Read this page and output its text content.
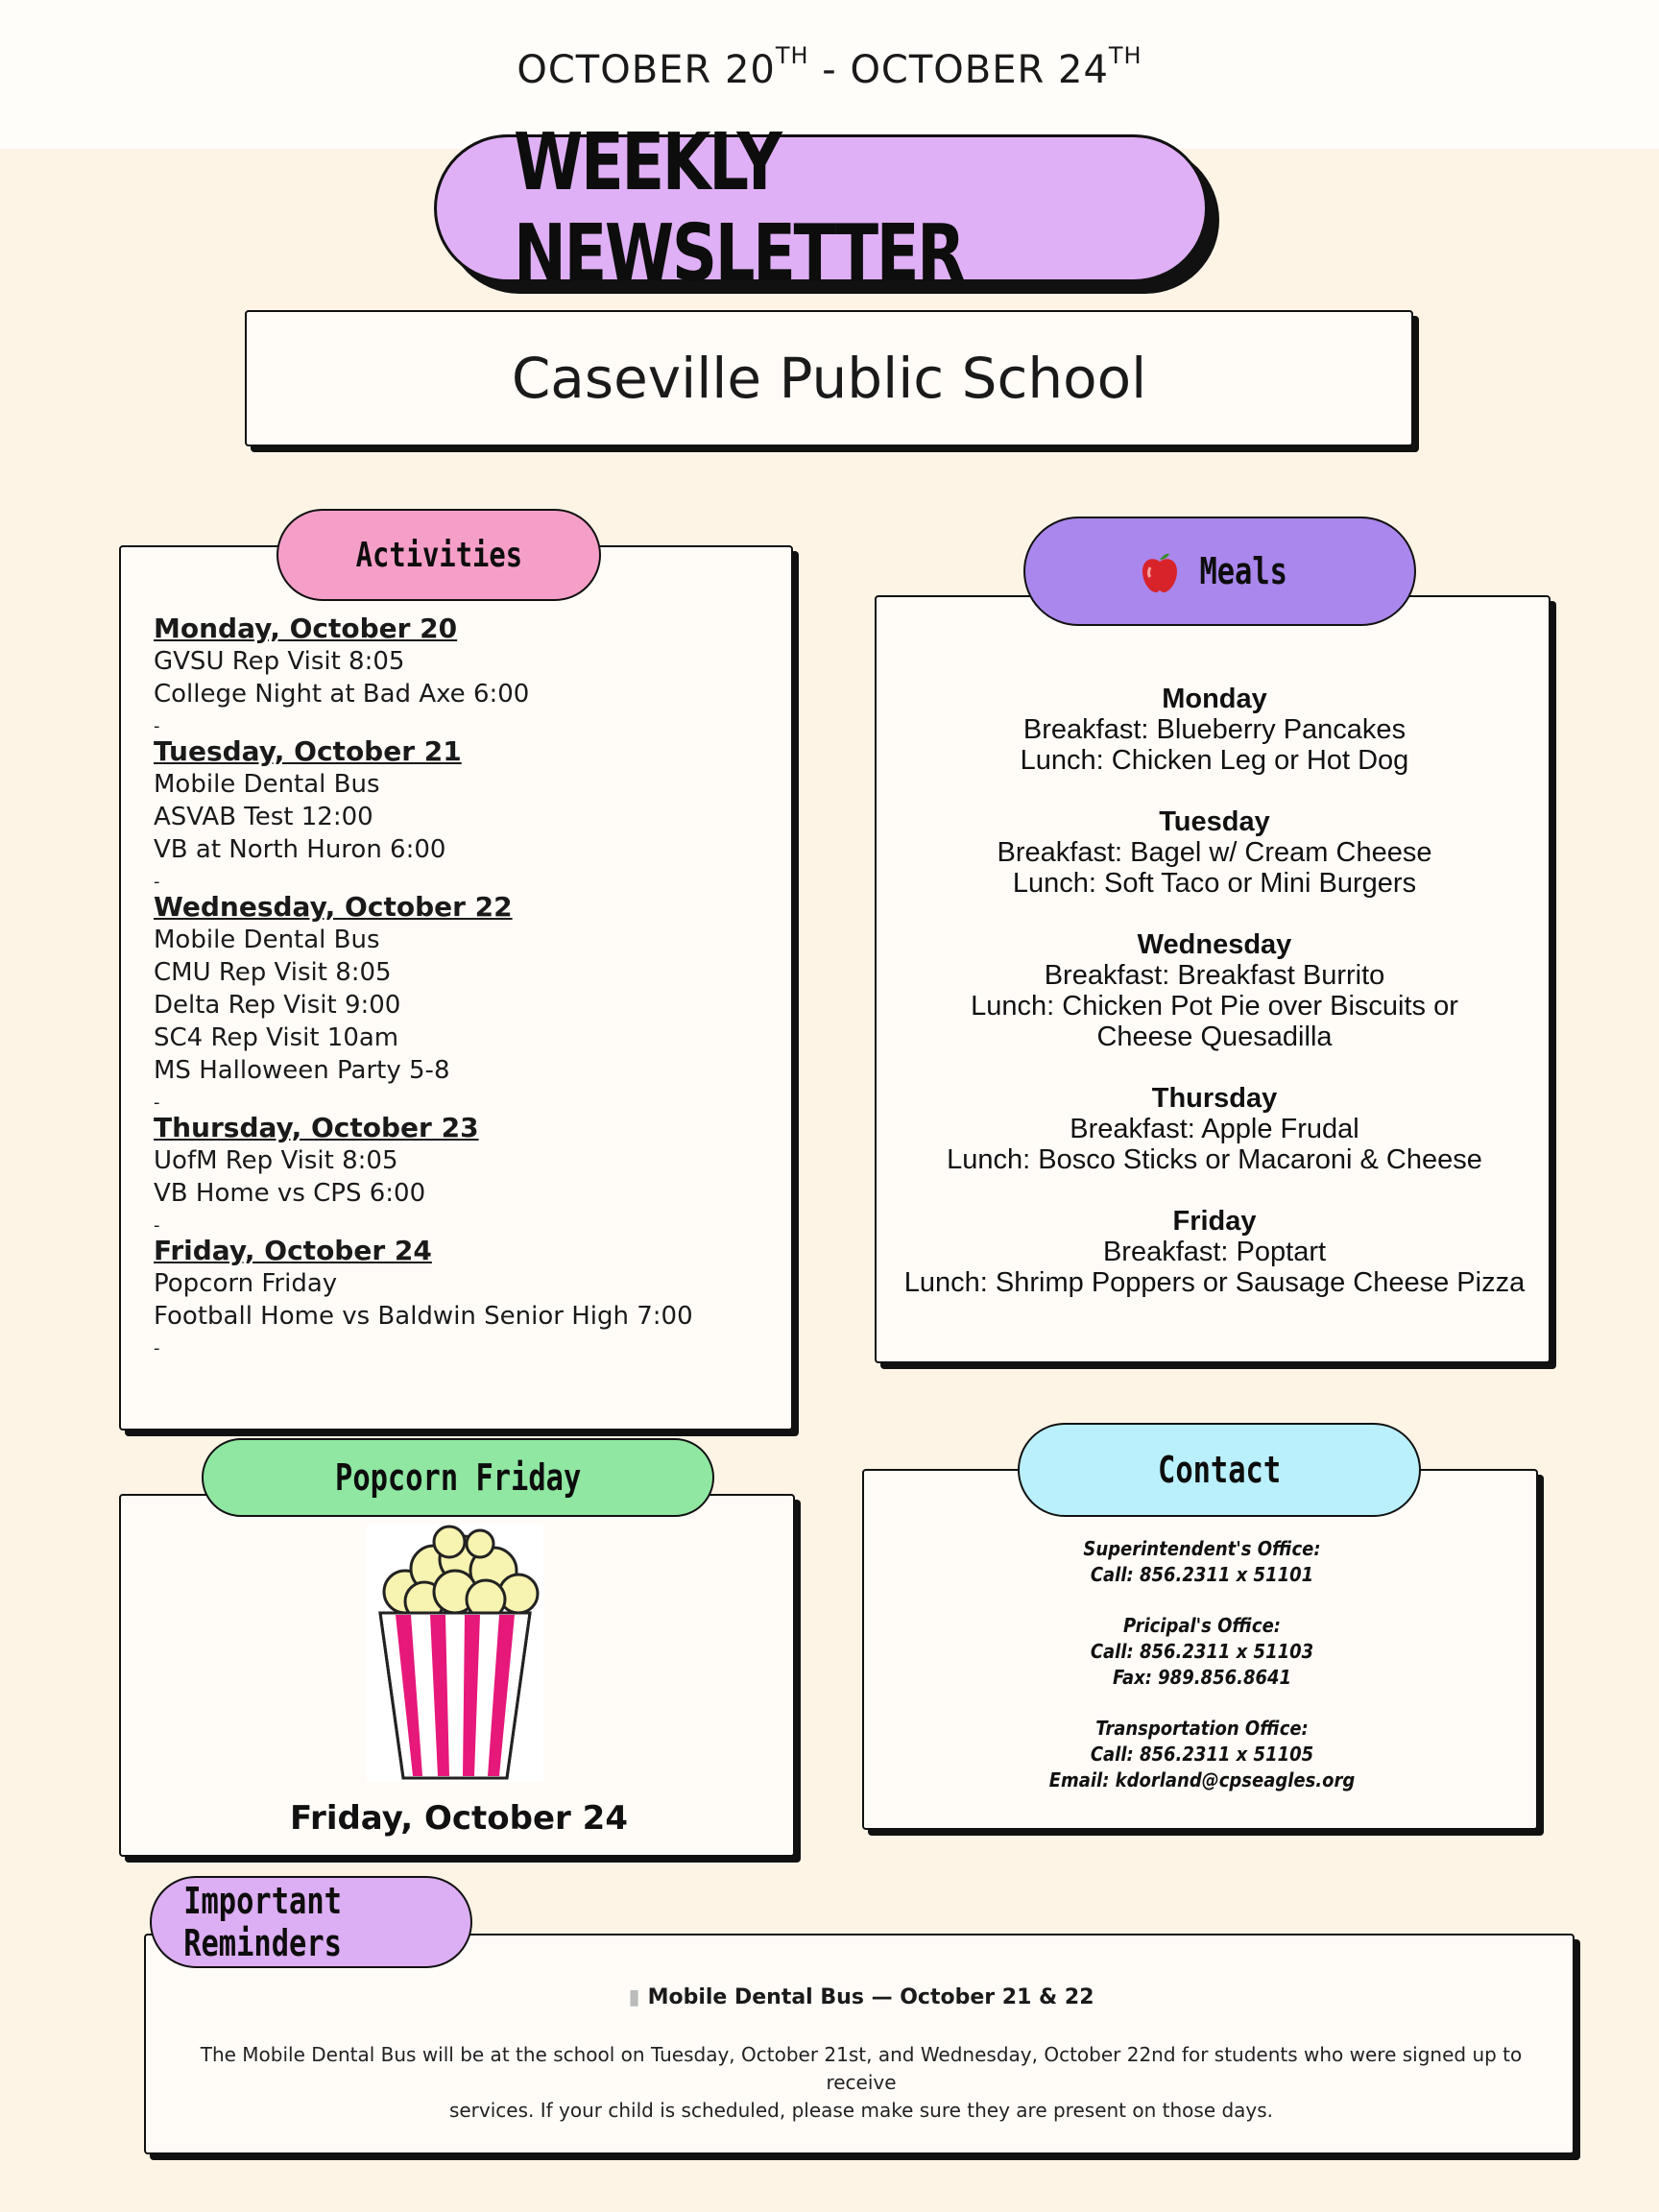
OCTOBER 20TH - OCTOBER 24TH
WEEKLY NEWSLETTER
Caseville Public School
Monday, October 20
GVSU Rep Visit 8:05
College Night at Bad Axe 6:00
-
Tuesday, October 21
Mobile Dental Bus
ASVAB Test 12:00
VB at North Huron 6:00
-
Wednesday, October 22
Mobile Dental Bus
CMU Rep Visit 8:05
Delta Rep Visit 9:00
SC4 Rep Visit 10am
MS Halloween Party 5-8
-
Thursday, October 23
UofM Rep Visit 8:05
VB Home vs CPS 6:00
-
Friday, October 24
Popcorn Friday
Football Home vs Baldwin Senior High 7:00
-
Activities
Monday
Breakfast: Blueberry Pancakes
Lunch: Chicken Leg or Hot Dog
Tuesday
Breakfast: Bagel w/ Cream Cheese
Lunch: Soft Taco or Mini Burgers
Wednesday
Breakfast: Breakfast Burrito
Lunch: Chicken Pot Pie over Biscuits or
Cheese Quesadilla
Thursday
Breakfast: Apple Frudal
Lunch: Bosco Sticks or Macaroni & Cheese
Friday
Breakfast: Poptart
Lunch: Shrimp Poppers or Sausage Cheese Pizza
Meals
Friday, October 24
Popcorn Friday
Superintendent's Office:
Call: 856.2311 x 51101
Pricipal's Office:
Call: 856.2311 x 51103
Fax: 989.856.8641
Transportation Office:
Call: 856.2311 x 51105
Email: kdorland@cpseagles.org
Contact
▮ Mobile Dental Bus — October 21 & 22
The Mobile Dental Bus will be at the school on Tuesday, October 21st, and Wednesday, October 22nd for students who were signed up to receive
services. If your child is scheduled, please make sure they are present on those days.
Important Reminders
